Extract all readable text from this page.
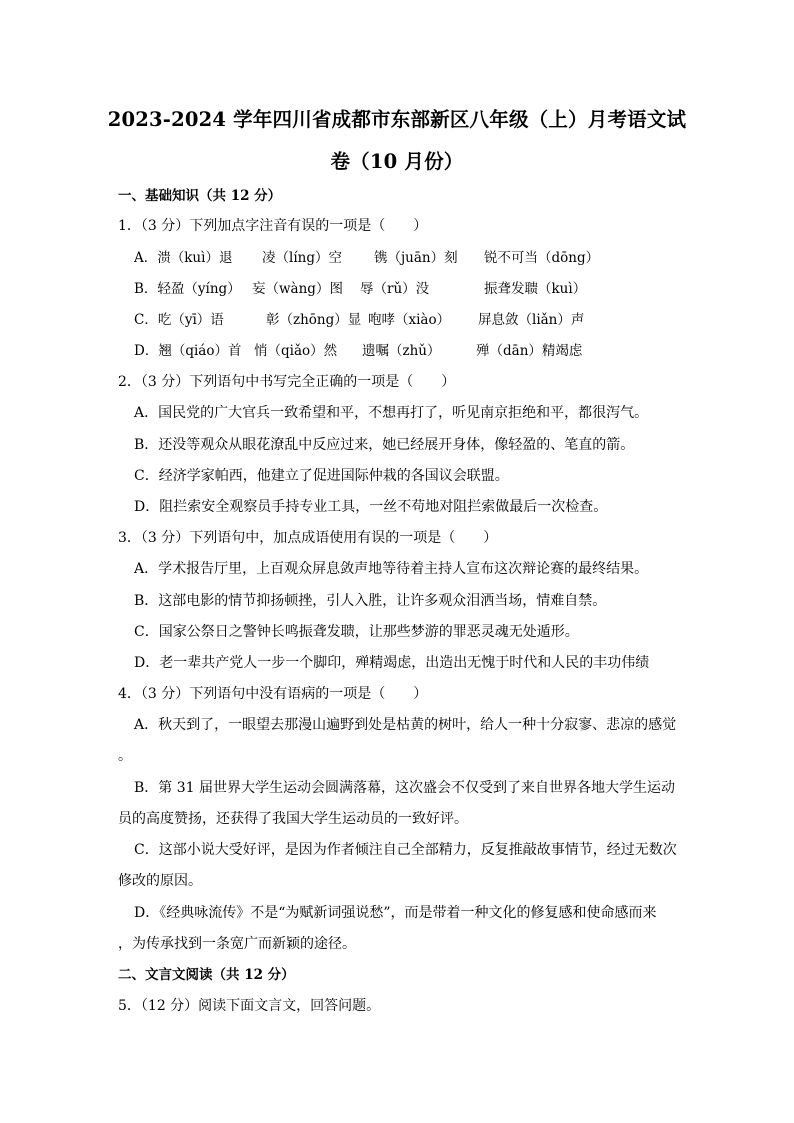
2023-2024 学年四川省成都市东部新区八年级（上）月考语文试
卷（10 月份）
一、基础知识（共 12 分）
1．（3 分）下列加点字注音有误的一项是（　　）
A．溃（kuì）退 凌（líng）空 镌（juān）刻 锐不可当（dōng）
B．轻盈（yíng） 妄（wàng）图 辱（rǔ）没	振聋发聩（kuì）
C．吃（yī）语	彰（zhōng）显 咆哮（xiào） 屏息敛（liǎn）声
D．翘（qiáo）首 悄（qiǎo）然 遗嘱（zhǔ）	殚（dān）精竭虑
2．（3 分）下列语句中书写完全正确的一项是（　　）
A．国民党的广大官兵一致希望和平，不想再打了，听见南京拒绝和平，都很泻气。
B．还没等观众从眼花潦乱中反应过来，她已经展开身体，像轻盈的、笔直的箭。
C．经济学家帕西，他建立了促进国际仲栽的各国议会联盟。
D．阻拦索安全观察员手持专业工具，一丝不苟地对阻拦索做最后一次检查。
3．（3 分）下列语句中，加点成语使用有误的一项是（　　）
A．学术报告厅里，上百观众屏息敛声地等待着主持人宣布这次辩论赛的最终结果。
B．这部电影的情节抑扬顿挫，引人入胜，让许多观众泪洒当场，情难自禁。
C．国家公祭日之警钟长鸣振聋发聩，让那些梦游的罪恶灵魂无处遁形。
D．老一辈共产党人一步一个脚印，殚精竭虑，出造出无愧于时代和人民的丰功伟绩
4．（3 分）下列语句中没有语病的一项是（　　）
A．秋天到了，一眼望去那漫山遍野到处是枯黄的树叶，给人一种十分寂寥、悲凉的感觉
。
B．第 31 届世界大学生运动会圆满落幕，这次盛会不仅受到了来自世界各地大学生运动
员的高度赞扬，还获得了我国大学生运动员的一致好评。
C．这部小说大受好评，是因为作者倾注自己全部精力，反复推敲故事情节，经过无数次
修改的原因。
D．《经典咏流传》不是“为赋新词强说愁”，而是带着一种文化的修复感和使命感而来
，为传承找到一条宽广而新颖的途径。
二、文言文阅读（共 12 分）
5．（12 分）阅读下面文言文，回答问题。
